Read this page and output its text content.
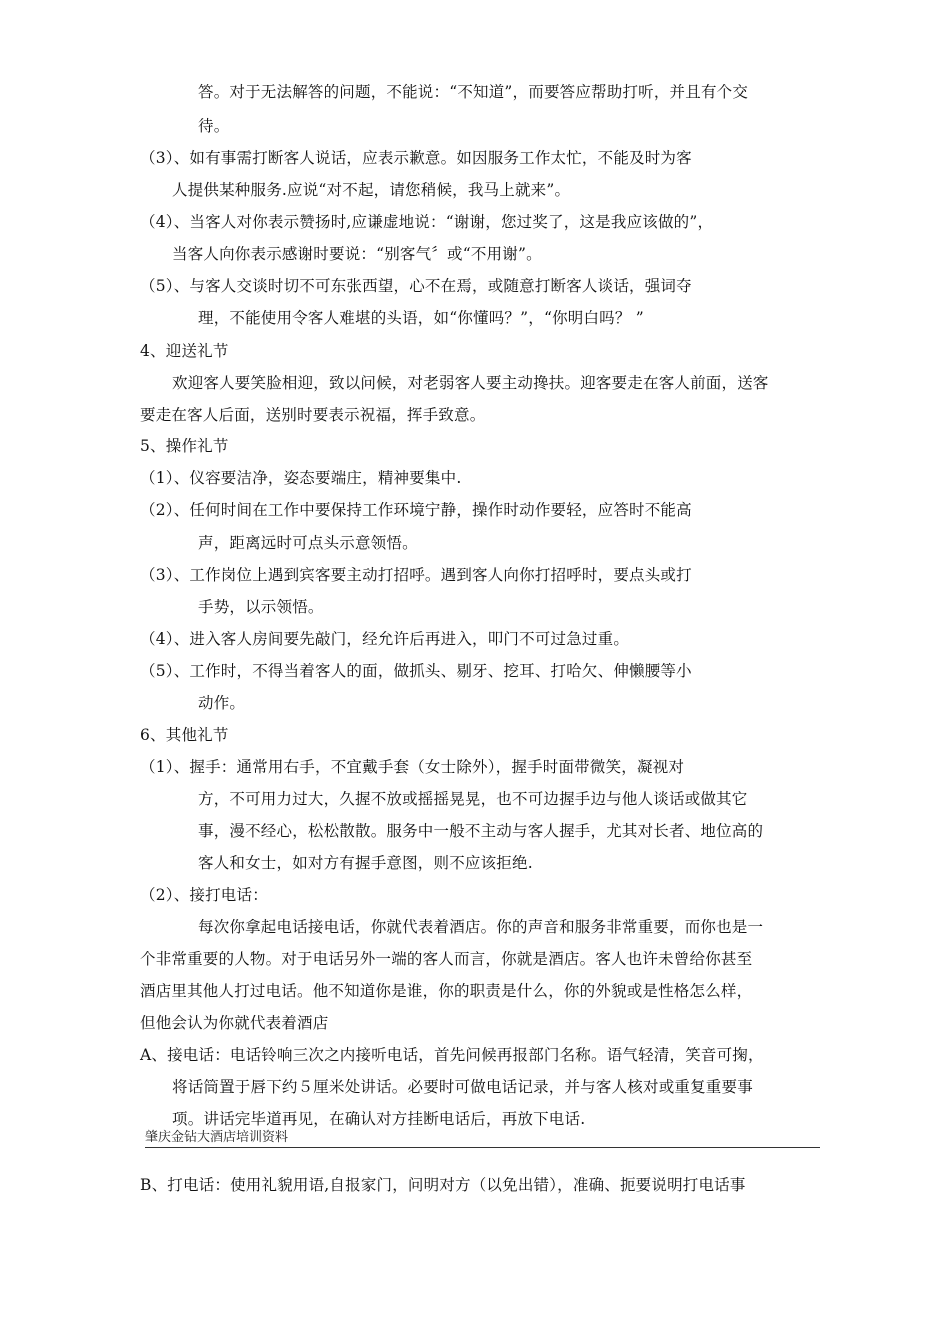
答。对于无法解答的问题，不能说：“不知道”，而要答应帮助打听，并且有个交
待。
（3）、如有事需打断客人说话，应表示歉意。如因服务工作太忙，不能及时为客
人提供某种服务.应说“对不起，请您稍候，我马上就来”。
（4）、当客人对你表示赞扬时,应谦虚地说：“谢谢，您过奖了，这是我应该做的”，
当客人向你表示感谢时要说：“别客气〞或“不用谢”。
（5）、与客人交谈时切不可东张西望，心不在焉，或随意打断客人谈话，强词夺
理，不能使用令客人难堪的头语，如“你懂吗？”，“你明白吗？ ”
4、迎送礼节
欢迎客人要笑脸相迎，致以问候，对老弱客人要主动搀扶。迎客要走在客人前面，送客
要走在客人后面，送别时要表示祝福，挥手致意。
5、操作礼节
（1）、仪容要洁净，姿态要端庄，精神要集中.
（2）、任何时间在工作中要保持工作环境宁静，操作时动作要轻，应答时不能高
声，距离远时可点头示意领悟。
（3）、工作岗位上遇到宾客要主动打招呼。遇到客人向你打招呼时，要点头或打
手势，以示领悟。
（4）、进入客人房间要先敲门，经允许后再进入，叩门不可过急过重。
（5）、工作时，不得当着客人的面，做抓头、剔牙、挖耳、打哈欠、伸懒腰等小
动作。
6、其他礼节
（1）、握手：通常用右手，不宜戴手套（女士除外），握手时面带微笑，凝视对
方，不可用力过大，久握不放或摇摇晃晃，也不可边握手边与他人谈话或做其它
事，漫不经心，松松散散。服务中一般不主动与客人握手，尤其对长者、地位高的
客人和女士，如对方有握手意图，则不应该拒绝.
（2）、接打电话：
每次你拿起电话接电话，你就代表着酒店。你的声音和服务非常重要，而你也是一
个非常重要的人物。对于电话另外一端的客人而言，你就是酒店。客人也许未曾给你甚至
酒店里其他人打过电话。他不知道你是谁，你的职责是什么，你的外貌或是性格怎么样，
但他会认为你就代表着酒店
A、接电话：电话铃响三次之内接听电话，首先问候再报部门名称。语气轻清，笑音可掬，
将话筒置于唇下约５厘米处讲话。必要时可做电话记录，并与客人核对或重复重要事
项。讲话完毕道再见，在确认对方挂断电话后，再放下电话.
肇庆金钻大酒店培训资料
B、打电话：使用礼貌用语,自报家门，问明对方（以免出错），准确、扼要说明打电话事
